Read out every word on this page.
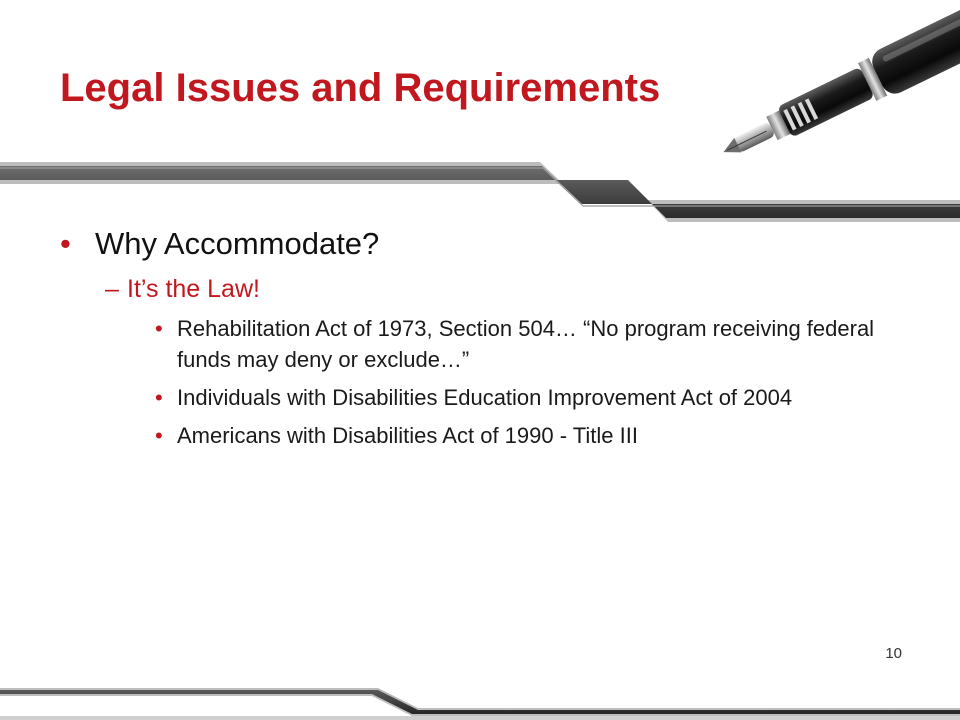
Legal Issues and Requirements
• Why Accommodate?
– It’s the Law!
• Rehabilitation Act of 1973, Section 504… “No program receiving federal funds may deny or exclude…”
• Individuals with Disabilities Education Improvement Act of 2004
• Americans with Disabilities Act of 1990 - Title III
10
